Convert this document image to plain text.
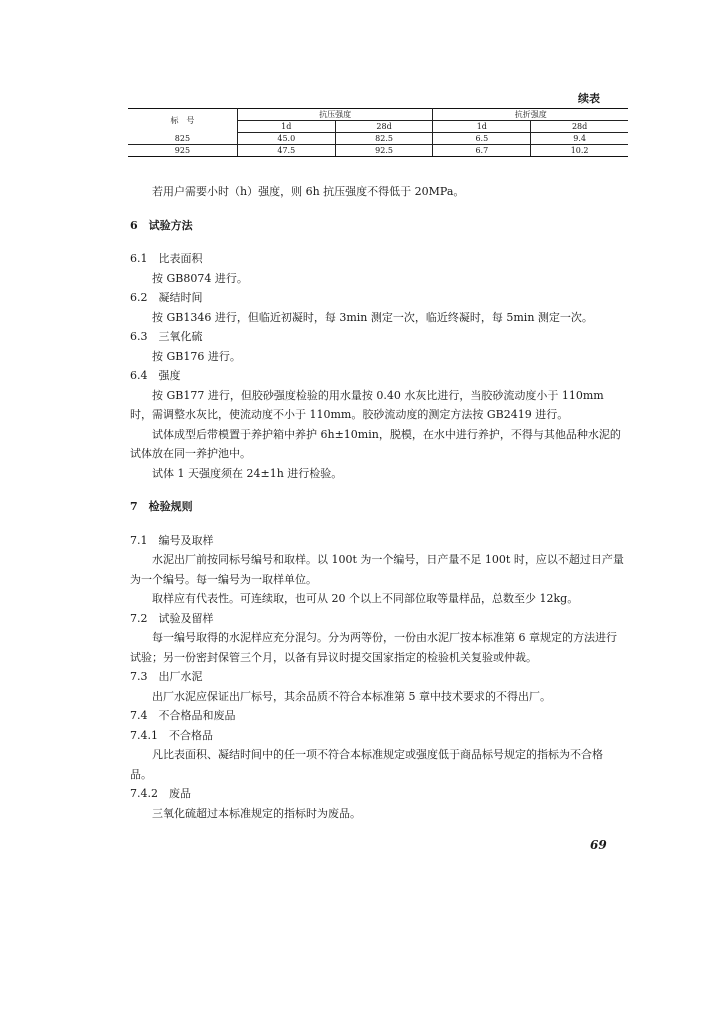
续表
标　号	抗压强度		抗折强度	
	1d	28d	1d	28d
825	45.0	82.5	6.5	9.4
925	47.5	92.5	6.7	10.2

若用户需要小时（h）强度，则 6h 抗压强度不得低于 20MPa。

6　试验方法

6.1　比表面积

按 GB8074 进行。

6.2　凝结时间

按 GB1346 进行，但临近初凝时，每 3min 测定一次，临近终凝时，每 5min 测定一次。

6.3　三氧化硫

按 GB176 进行。

6.4　强度

按 GB177 进行，但胶砂强度检验的用水量按 0.40 水灰比进行，当胶砂流动度小于 110mm 时，需调整水灰比，使流动度不小于 110mm。胶砂流动度的测定方法按 GB2419 进行。

试体成型后带模置于养护箱中养护 6h±10min，脱模，在水中进行养护，不得与其他品种水泥的试体放在同一养护池中。

试体 1 天强度须在 24±1h 进行检验。

7　检验规则

7.1　编号及取样

水泥出厂前按同标号编号和取样。以 100t 为一个编号，日产量不足 100t 时，应以不超过日产量为一个编号。每一编号为一取样单位。

取样应有代表性。可连续取，也可从 20 个以上不同部位取等量样品，总数至少 12kg。

7.2　试验及留样

每一编号取得的水泥样应充分混匀。分为两等份，一份由水泥厂按本标准第 6 章规定的方法进行试验；另一份密封保管三个月，以备有异议时提交国家指定的检验机关复验或仲裁。

7.3　出厂水泥

出厂水泥应保证出厂标号，其余品质不符合本标准第 5 章中技术要求的不得出厂。

7.4　不合格品和废品

7.4.1　不合格品

凡比表面积、凝结时间中的任一项不符合本标准规定或强度低于商品标号规定的指标为不合格品。

7.4.2　废品

三氧化硫超过本标准规定的指标时为废品。

69
